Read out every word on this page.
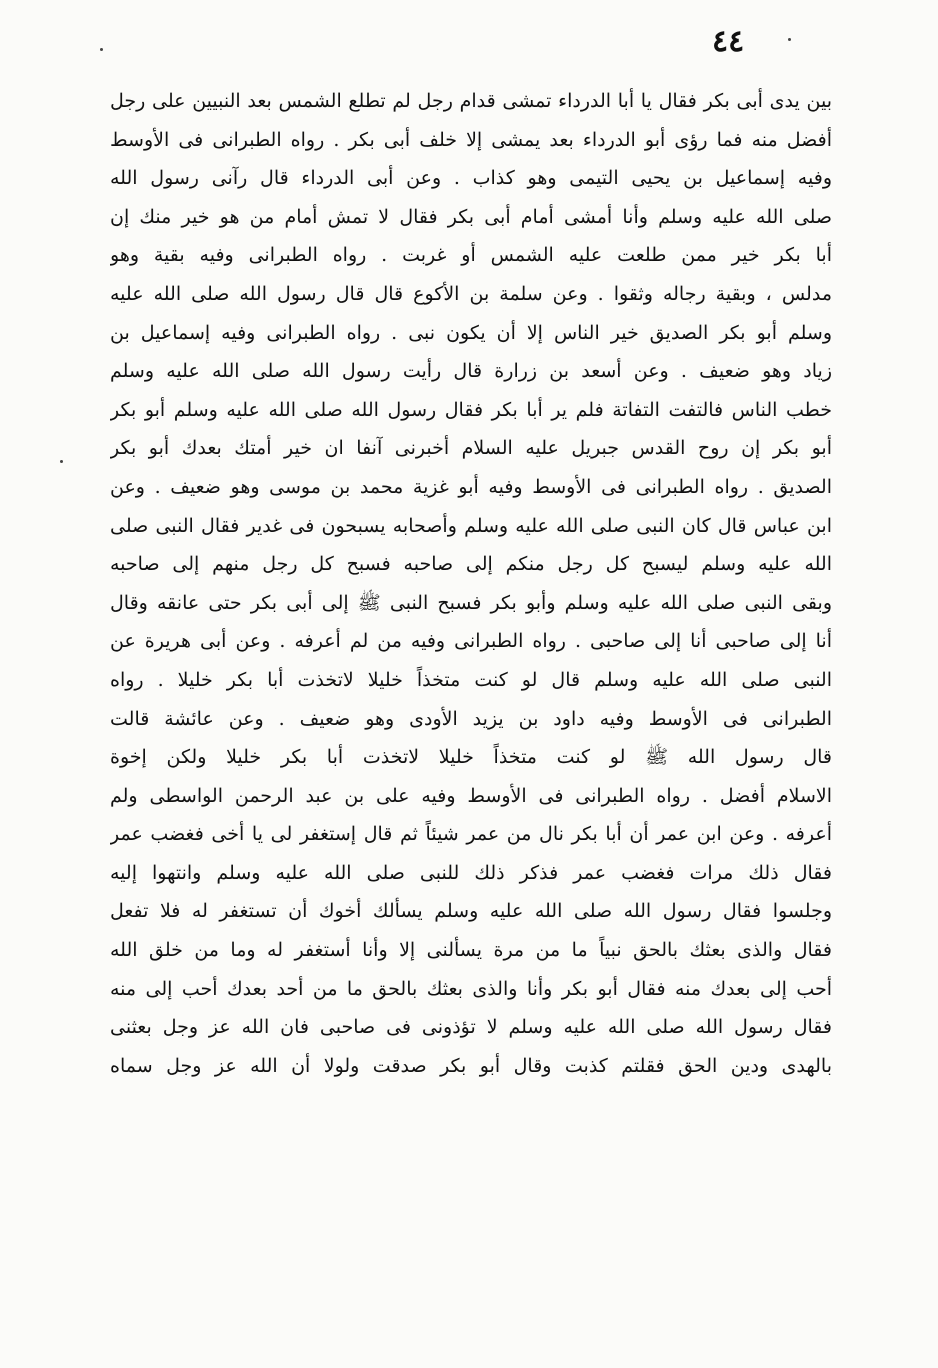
٤٤
بين يدى أبى بكر فقال يا أبا الدرداء تمشى قدام رجل لم تطلع الشمس بعد النبيين على رجل
أفضل منه فما رؤى أبو الدرداء بعد يمشى إلا خلف أبى بكر . رواه الطبرانى فى الأوسط
وفيه إسماعيل بن يحيى التيمى وهو كذاب . وعن أبى الدرداء قال رآنى رسول الله
صلى الله عليه وسلم وأنا أمشى أمام أبى بكر فقال لا تمش أمام من هو خير منك إن
أبا بكر خير ممن طلعت عليه الشمس أو غربت . رواه الطبرانى وفيه بقية وهو
مدلس ، وبقية رجاله وثقوا . وعن سلمة بن الأكوع قال قال رسول الله صلى الله عليه
وسلم أبو بكر الصديق خير الناس إلا أن يكون نبى . رواه الطبرانى وفيه إسماعيل بن
زياد وهو ضعيف . وعن أسعد بن زرارة قال رأيت رسول الله صلى الله عليه وسلم
خطب الناس فالتفت التفاتة فلم ير أبا بكر فقال رسول الله صلى الله عليه وسلم أبو بكر
أبو بكر إن روح القدس جبريل عليه السلام أخبرنى آنفا ان خير أمتك بعدك أبو بكر
الصديق . رواه الطبرانى فى الأوسط وفيه أبو غزية محمد بن موسى وهو ضعيف . وعن
ابن عباس قال كان النبى صلى الله عليه وسلم وأصحابه يسبحون فى غدير فقال النبى صلى
الله عليه وسلم ليسبح كل رجل منكم إلى صاحبه فسبح كل رجل منهم إلى صاحبه
وبقى النبى صلى الله عليه وسلم وأبو بكر فسبح النبى ﷺ إلى أبى بكر حتى عانقه وقال
أنا إلى صاحبى أنا إلى صاحبى . رواه الطبرانى وفيه من لم أعرفه . وعن أبى هريرة عن
النبى صلى الله عليه وسلم قال لو كنت متخذاً خليلا لاتخذت أبا بكر خليلا . رواه
الطبرانى فى الأوسط وفيه داود بن يزيد الأودى وهو ضعيف . وعن عائشة قالت
قال رسول الله ﷺ لو كنت متخذاً خليلا لاتخذت أبا بكر خليلا ولكن إخوة
الاسلام أفضل . رواه الطبرانى فى الأوسط وفيه على بن عبد الرحمن الواسطى ولم
أعرفه . وعن ابن عمر أن أبا بكر نال من عمر شيئاً ثم قال إستغفر لى يا أخى فغضب عمر
فقال ذلك مرات فغضب عمر فذكر ذلك للنبى صلى الله عليه وسلم وانتهوا إليه
وجلسوا فقال رسول الله صلى الله عليه وسلم يسألك أخوك أن تستغفر له فلا تفعل
فقال والذى بعثك بالحق نبياً ما من مرة يسألنى إلا وأنا أستغفر له وما من خلق الله
أحب إلى بعدك منه فقال أبو بكر وأنا والذى بعثك بالحق ما من أحد بعدك أحب إلى منه
فقال رسول الله صلى الله عليه وسلم لا تؤذونى فى صاحبى فان الله عز وجل بعثنى
بالهدى ودين الحق فقلتم كذبت وقال أبو بكر صدقت ولولا أن الله عز وجل سماه
